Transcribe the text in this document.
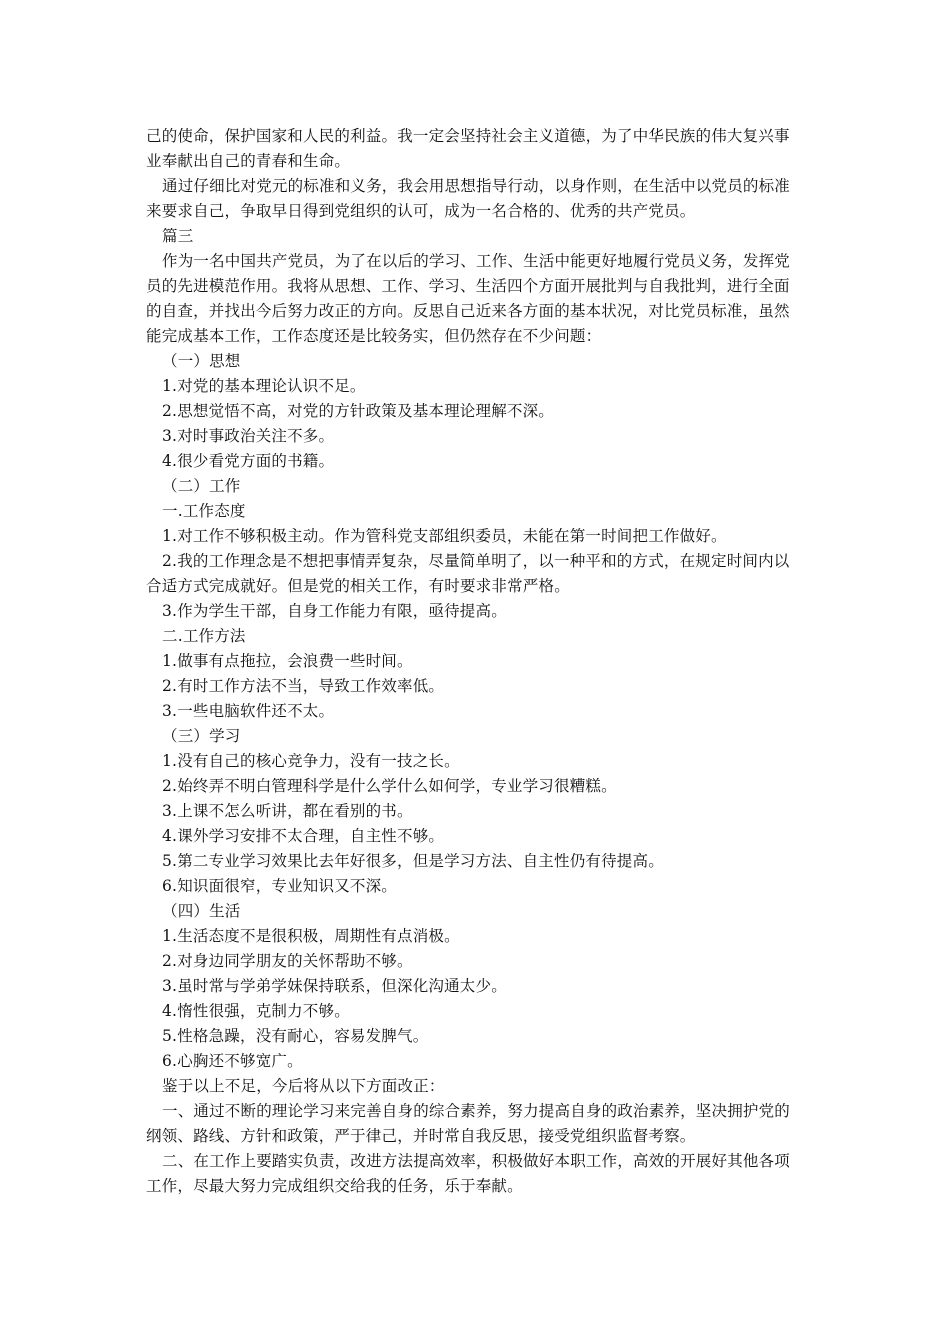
己的使命，保护国家和人民的利益。我一定会坚持社会主义道德，为了中华民族的伟大复兴事
业奉献出自己的青春和生命。
通过仔细比对党元的标准和义务，我会用思想指导行动，以身作则，在生活中以党员的标准
来要求自己，争取早日得到党组织的认可，成为一名合格的、优秀的共产党员。
篇三
作为一名中国共产党员，为了在以后的学习、工作、生活中能更好地履行党员义务，发挥党
员的先进模范作用。我将从思想、工作、学习、生活四个方面开展批判与自我批判，进行全面
的自查，并找出今后努力改正的方向。反思自己近来各方面的基本状况，对比党员标准，虽然
能完成基本工作，工作态度还是比较务实，但仍然存在不少问题：
（一）思想
1.对党的基本理论认识不足。
2.思想觉悟不高，对党的方针政策及基本理论理解不深。
3.对时事政治关注不多。
4.很少看党方面的书籍。
（二）工作
一.工作态度
1.对工作不够积极主动。作为管科党支部组织委员，未能在第一时间把工作做好。
2.我的工作理念是不想把事情弄复杂，尽量简单明了，以一种平和的方式，在规定时间内以
合适方式完成就好。但是党的相关工作，有时要求非常严格。
3.作为学生干部，自身工作能力有限，亟待提高。
二.工作方法
1.做事有点拖拉，会浪费一些时间。
2.有时工作方法不当，导致工作效率低。
3.一些电脑软件还不太。
（三）学习
1.没有自己的核心竞争力，没有一技之长。
2.始终弄不明白管理科学是什么学什么如何学，专业学习很糟糕。
3.上课不怎么听讲，都在看别的书。
4.课外学习安排不太合理，自主性不够。
5.第二专业学习效果比去年好很多，但是学习方法、自主性仍有待提高。
6.知识面很窄，专业知识又不深。
（四）生活
1.生活态度不是很积极，周期性有点消极。
2.对身边同学朋友的关怀帮助不够。
3.虽时常与学弟学妹保持联系，但深化沟通太少。
4.惰性很强，克制力不够。
5.性格急躁，没有耐心，容易发脾气。
6.心胸还不够宽广。
鉴于以上不足，今后将从以下方面改正：
一、通过不断的理论学习来完善自身的综合素养，努力提高自身的政治素养，坚决拥护党的
纲领、路线、方针和政策，严于律己，并时常自我反思，接受党组织监督考察。
二、在工作上要踏实负责，改进方法提高效率，积极做好本职工作，高效的开展好其他各项
工作，尽最大努力完成组织交给我的任务，乐于奉献。
